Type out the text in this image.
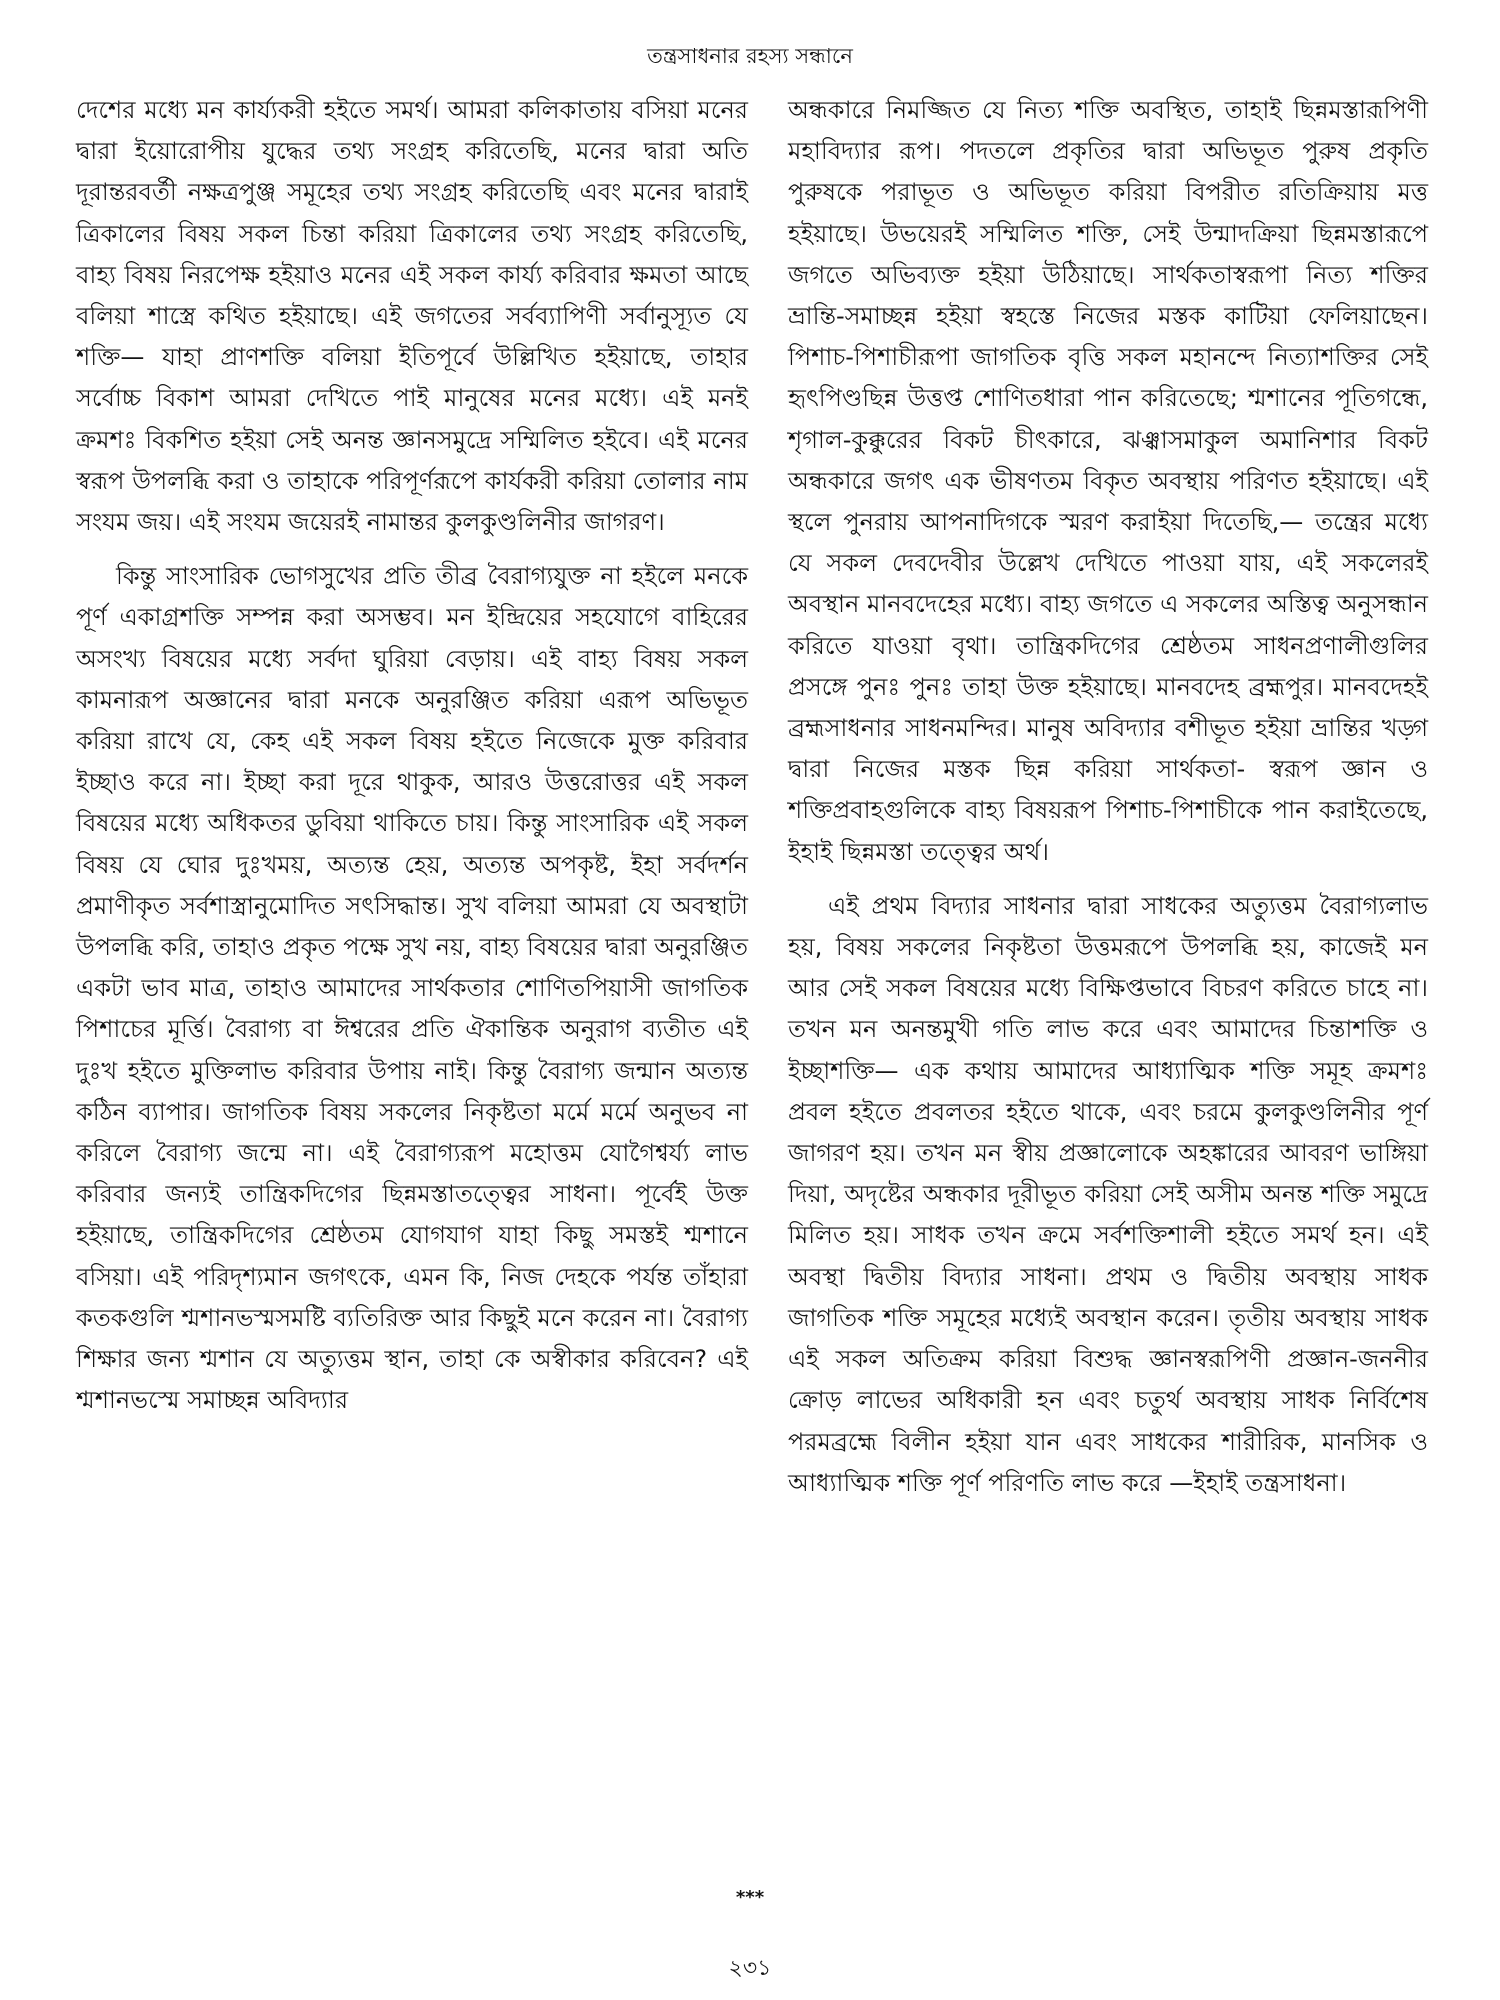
তন্ত্রসাধনার রহস্য সন্ধানে

দেশের মধ্যে মন কার্য্যকরী হইতে সমর্থ। আমরা কলিকাতায় বসিয়া মনের দ্বারা ইয়োরোপীয় যুদ্ধের তথ্য সংগ্রহ করিতেছি, মনের দ্বারা অতি দূরান্তরবর্তী নক্ষত্রপুঞ্জ সমূহের তথ্য সংগ্রহ করিতেছি এবং মনের দ্বারাই ত্রিকালের বিষয় সকল চিন্তা করিয়া ত্রিকালের তথ্য সংগ্রহ করিতেছি, বাহ্য বিষয় নিরপেক্ষ হইয়াও মনের এই সকল কার্য্য করিবার ক্ষমতা আছে বলিয়া শাস্ত্রে কথিত হইয়াছে। এই জগতের সর্বব্যাপিণী সর্বানুস্যূত যে শক্তি— যাহা প্রাণশক্তি বলিয়া ইতিপূর্বে উল্লিখিত হইয়াছে, তাহার সর্বোচ্চ বিকাশ আমরা দেখিতে পাই মানুষের মনের মধ্যে। এই মনই ক্রমশঃ বিকশিত হইয়া সেই অনন্ত জ্ঞানসমুদ্রে সম্মিলিত হইবে। এই মনের স্বরূপ উপলব্ধি করা ও তাহাকে পরিপূর্ণরূপে কার্যকরী করিয়া তোলার নাম সংযম জয়। এই সংযম জয়েরই নামান্তর কুলকুণ্ডলিনীর জাগরণ।

কিন্তু সাংসারিক ভোগসুখের প্রতি তীব্র বৈরাগ্যযুক্ত না হইলে মনকে পূর্ণ একাগ্রশক্তি সম্পন্ন করা অসম্ভব। মন ইন্দ্রিয়ের সহযোগে বাহিরের অসংখ্য বিষয়ের মধ্যে সর্বদা ঘুরিয়া বেড়ায়। এই বাহ্য বিষয় সকল কামনারূপ অজ্ঞানের দ্বারা মনকে অনুরঞ্জিত করিয়া এরূপ অভিভূত করিয়া রাখে যে, কেহ এই সকল বিষয় হইতে নিজেকে মুক্ত করিবার ইচ্ছাও করে না। ইচ্ছা করা দূরে থাকুক, আরও উত্তরোত্তর এই সকল বিষয়ের মধ্যে অধিকতর ডুবিয়া থাকিতে চায়। কিন্তু সাংসারিক এই সকল বিষয় যে ঘোর দুঃখময়, অত্যন্ত হেয়, অত্যন্ত অপকৃষ্ট, ইহা সর্বদর্শন প্রমাণীকৃত সর্বশাস্ত্রানুমোদিত সৎসিদ্ধান্ত। সুখ বলিয়া আমরা যে অবস্থাটা উপলব্ধি করি, তাহাও প্রকৃত পক্ষে সুখ নয়, বাহ্য বিষয়ের দ্বারা অনুরঞ্জিত একটা ভাব মাত্র, তাহাও আমাদের সার্থকতার শোণিতপিয়াসী জাগতিক পিশাচের মূর্ত্তি। বৈরাগ্য বা ঈশ্বরের প্রতি ঐকান্তিক অনুরাগ ব্যতীত এই দুঃখ হইতে মুক্তিলাভ করিবার উপায় নাই। কিন্তু বৈরাগ্য জন্মান অত্যন্ত কঠিন ব্যাপার। জাগতিক বিষয় সকলের নিকৃষ্টতা মর্মে মর্মে অনুভব না করিলে বৈরাগ্য জন্মে না। এই বৈরাগ্যরূপ মহোত্তম যোগৈশ্বর্য্য লাভ করিবার জন্যই তান্ত্রিকদিগের ছিন্নমস্তাতত্ত্বের সাধনা। পূর্বেই উক্ত হইয়াছে, তান্ত্রিকদিগের শ্রেষ্ঠতম যোগযাগ যাহা কিছু সমস্তই শ্মশানে বসিয়া। এই পরিদৃশ্যমান জগৎকে, এমন কি, নিজ দেহকে পর্যন্ত তাঁহারা কতকগুলি শ্মশানভস্মসমষ্টি ব্যতিরিক্ত আর কিছুই মনে করেন না। বৈরাগ্য শিক্ষার জন্য শ্মশান যে অত্যুত্তম স্থান, তাহা কে অস্বীকার করিবেন? এই শ্মশানভস্মে সমাচ্ছন্ন অবিদ্যার

অন্ধকারে নিমজ্জিত যে নিত্য শক্তি অবস্থিত, তাহাই ছিন্নমস্তারূপিণী মহাবিদ্যার রূপ। পদতলে প্রকৃতির দ্বারা অভিভূত পুরুষ প্রকৃতি পুরুষকে পরাভূত ও অভিভূত করিয়া বিপরীত রতিক্রিয়ায় মত্ত হইয়াছে। উভয়েরই সম্মিলিত শক্তি, সেই উন্মাদক্রিয়া ছিন্নমস্তারূপে জগতে অভিব্যক্ত হইয়া উঠিয়াছে। সার্থকতাস্বরূপা নিত্য শক্তির ভ্রান্তি-সমাচ্ছন্ন হইয়া স্বহস্তে নিজের মস্তক কাটিয়া ফেলিয়াছেন। পিশাচ-পিশাচীরূপা জাগতিক বৃত্তি সকল মহানন্দে নিত্যাশক্তির সেই হৃৎপিণ্ডছিন্ন উত্তপ্ত শোণিতধারা পান করিতেছে; শ্মশানের পূতিগন্ধে, শৃগাল-কুক্কুরের বিকট চীৎকারে, ঝঞ্ঝাসমাকুল অমানিশার বিকট অন্ধকারে জগৎ এক ভীষণতম বিকৃত অবস্থায় পরিণত হইয়াছে। এই স্থলে পুনরায় আপনাদিগকে স্মরণ করাইয়া দিতেছি,— তন্ত্রের মধ্যে যে সকল দেবদেবীর উল্লেখ দেখিতে পাওয়া যায়, এই সকলেরই অবস্থান মানবদেহের মধ্যে। বাহ্য জগতে এ সকলের অস্তিত্ব অনুসন্ধান করিতে যাওয়া বৃথা। তান্ত্রিকদিগের শ্রেষ্ঠতম সাধনপ্রণালীগুলির প্রসঙ্গে পুনঃ পুনঃ তাহা উক্ত হইয়াছে। মানবদেহ ব্রহ্মপুর। মানবদেহই ব্রহ্মসাধনার সাধনমন্দির। মানুষ অবিদ্যার বশীভূত হইয়া ভ্রান্তির খড়্গ দ্বারা নিজের মস্তক ছিন্ন করিয়া সার্থকতা- স্বরূপ জ্ঞান ও শক্তিপ্রবাহগুলিকে বাহ্য বিষয়রূপ পিশাচ-পিশাচীকে পান করাইতেছে, ইহাই ছিন্নমস্তা তত্ত্বের অর্থ।

এই প্রথম বিদ্যার সাধনার দ্বারা সাধকের অত্যুত্তম বৈরাগ্যলাভ হয়, বিষয় সকলের নিকৃষ্টতা উত্তমরূপে উপলব্ধি হয়, কাজেই মন আর সেই সকল বিষয়ের মধ্যে বিক্ষিপ্তভাবে বিচরণ করিতে চাহে না। তখন মন অনন্তমুখী গতি লাভ করে এবং আমাদের চিন্তাশক্তি ও ইচ্ছাশক্তি— এক কথায় আমাদের আধ্যাত্মিক শক্তি সমূহ ক্রমশঃ প্রবল হইতে প্রবলতর হইতে থাকে, এবং চরমে কুলকুণ্ডলিনীর পূর্ণ জাগরণ হয়। তখন মন স্বীয় প্রজ্ঞালোকে অহঙ্কারের আবরণ ভাঙ্গিয়া দিয়া, অদৃষ্টের অন্ধকার দূরীভূত করিয়া সেই অসীম অনন্ত শক্তি সমুদ্রে মিলিত হয়। সাধক তখন ক্রমে সর্বশক্তিশালী হইতে সমর্থ হন। এই অবস্থা দ্বিতীয় বিদ্যার সাধনা। প্রথম ও দ্বিতীয় অবস্থায় সাধক জাগতিক শক্তি সমূহের মধ্যেই অবস্থান করেন। তৃতীয় অবস্থায় সাধক এই সকল অতিক্রম করিয়া বিশুদ্ধ জ্ঞানস্বরূপিণী প্রজ্ঞান-জননীর ক্রোড় লাভের অধিকারী হন এবং চতুর্থ অবস্থায় সাধক নির্বিশেষ পরমব্রহ্মে বিলীন হইয়া যান এবং সাধকের শারীরিক, মানসিক ও আধ্যাত্মিক শক্তি পূর্ণ পরিণতি লাভ করে —ইহাই তন্ত্রসাধনা।

***
২৩১
